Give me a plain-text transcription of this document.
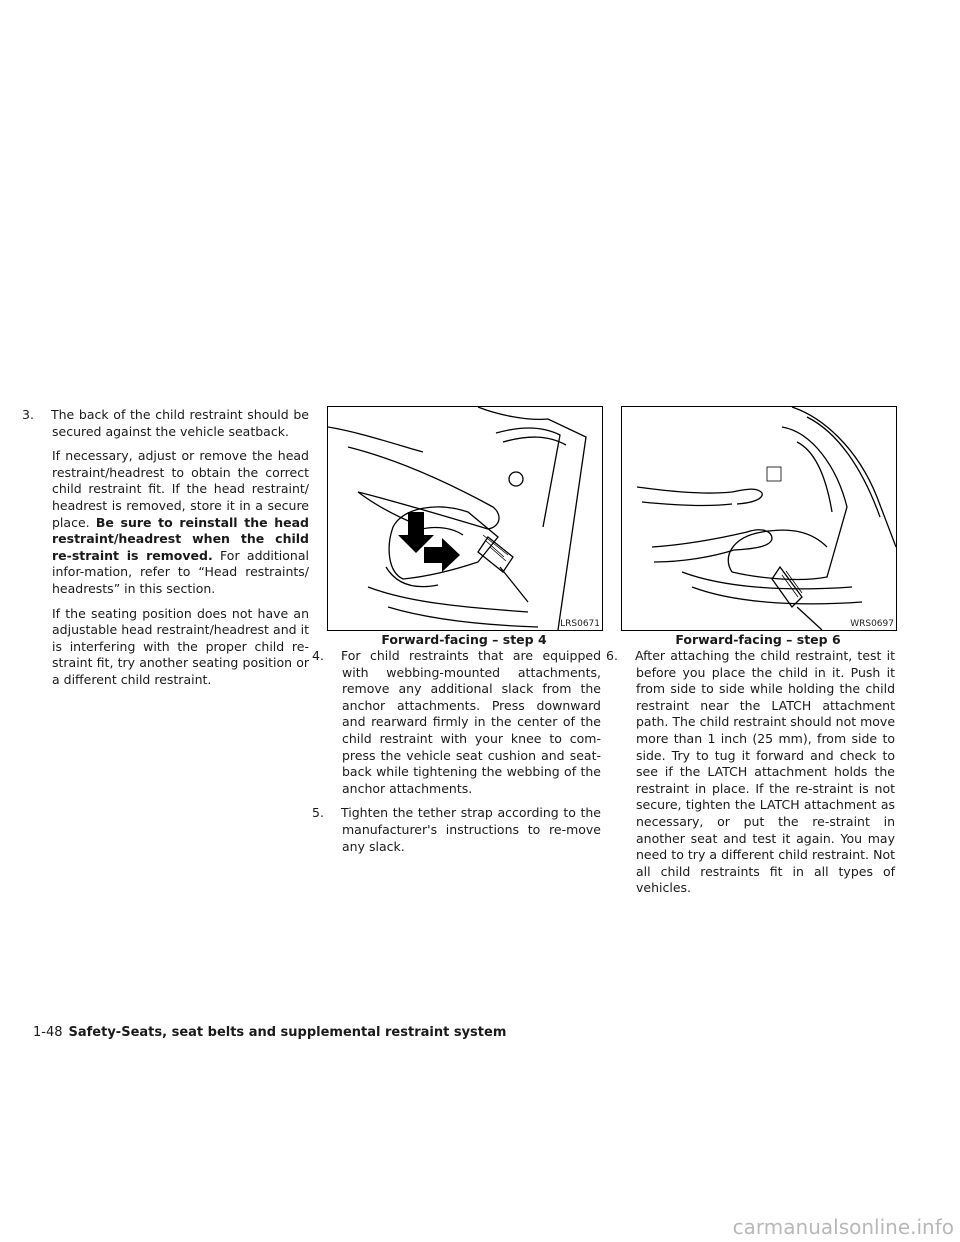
3. The back of the child restraint should be secured against the vehicle seatback.

If necessary, adjust or remove the head restraint/headrest to obtain the correct child restraint fit. If the head restraint/ headrest is removed, store it in a secure place. Be sure to reinstall the head restraint/headrest when the child re-straint is removed. For additional infor-mation, refer to “Head restraints/ headrests” in this section.

If the seating position does not have an adjustable head restraint/headrest and it is interfering with the proper child re-straint fit, try another seating position or a different child restraint.

LRS0671
Forward-facing – step 4
4. For child restraints that are equipped with webbing-mounted attachments, remove any additional slack from the anchor attachments. Press downward and rearward firmly in the center of the child restraint with your knee to com-press the vehicle seat cushion and seat-back while tightening the webbing of the anchor attachments.
5. Tighten the tether strap according to the manufacturer's instructions to re-move any slack.
WRS0697
Forward-facing – step 6
6. After attaching the child restraint, test it before you place the child in it. Push it from side to side while holding the child restraint near the LATCH attachment path. The child restraint should not move more than 1 inch (25 mm), from side to side. Try to tug it forward and check to see if the LATCH attachment holds the restraint in place. If the re-straint is not secure, tighten the LATCH attachment as necessary, or put the re-straint in another seat and test it again. You may need to try a different child restraint. Not all child restraints fit in all types of vehicles.
1-48 Safety-Seats, seat belts and supplemental restraint system
carmanualsonline.info
